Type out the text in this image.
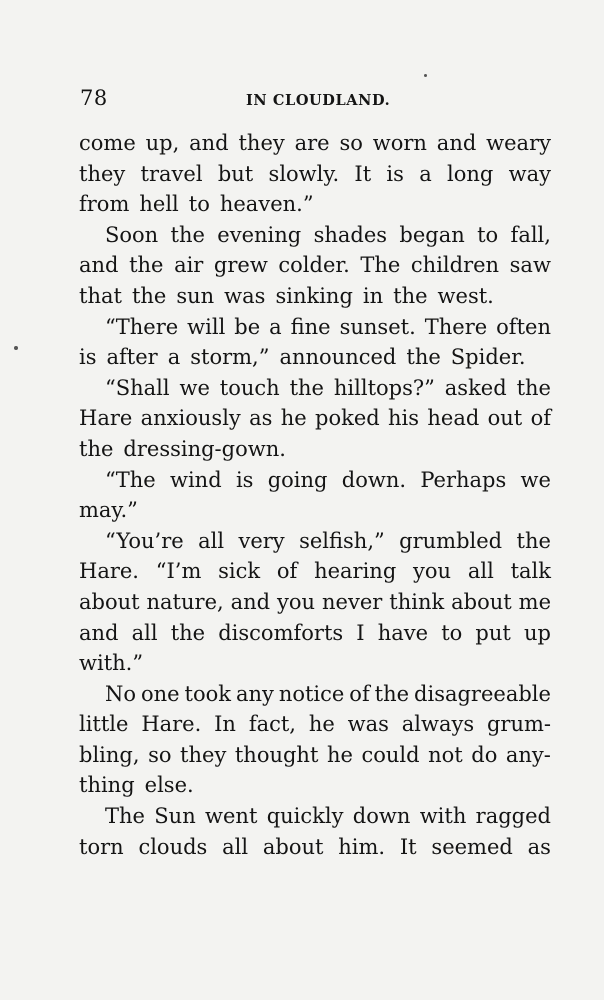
78	IN CLOUDLAND.
come up, and they are so worn and weary
they travel but slowly. It is a long way
from hell to heaven.”
Soon the evening shades began to fall,
and the air grew colder. The children saw
that the sun was sinking in the west.
“There will be a fine sunset. There often
is after a storm,” announced the Spider.
“Shall we touch the hilltops?” asked the
Hare anxiously as he poked his head out of
the dressing-gown.
“The wind is going down. Perhaps we
may.”
“You’re all very selfish,” grumbled the
Hare. “I’m sick of hearing you all talk
about nature, and you never think about me
and all the discomforts I have to put up
with.”
No one took any notice of the disagreeable
little Hare. In fact, he was always grum-
bling, so they thought he could not do any-
thing else.
The Sun went quickly down with ragged
torn clouds all about him. It seemed as
